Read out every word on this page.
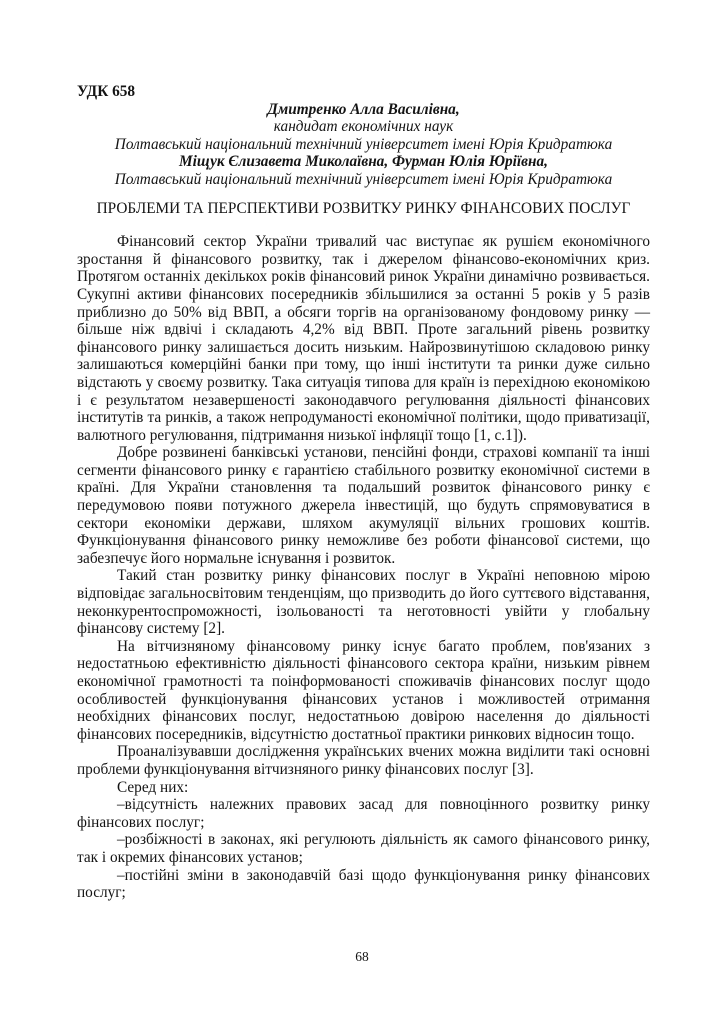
УДК 658
Дмитренко Алла Василівна,
кандидат економічних наук
Полтавський національний технічний університет імені Юрія Кридратюка
Міщук Єлизавета Миколаївна, Фурман Юлія Юріївна,
Полтавський національний технічний університет імені Юрія Кридратюка
ПРОБЛЕМИ ТА ПЕРСПЕКТИВИ РОЗВИТКУ РИНКУ ФІНАНСОВИХ ПОСЛУГ

Фінансовий сектор України тривалий час виступає як рушієм економічного зростання й фінансового розвитку, так і джерелом фінансово-економічних криз. Протягом останніх декількох років фінансовий ринок України динамічно розвивається. Сукупні активи фінансових посередників збільшилися за останні 5 років у 5 разів приблизно до 50% від ВВП, а обсяги торгів на організованому фондовому ринку — більше ніж вдвічі і складають 4,2% від ВВП. Проте загальний рівень розвитку фінансового ринку залишається досить низьким. Найрозвинутішою складовою ринку залишаються комерційні банки при тому, що інші інститути та ринки дуже сильно відстають у своєму розвитку. Така ситуація типова для країн із перехідною економікою і є результатом незавершеності законодавчого регулювання діяльності фінансових інститутів та ринків, а також непродуманості економічної політики, щодо приватизації, валютного регулювання, підтримання низької інфляції тощо [1, с.1]).

Добре розвинені банківські установи, пенсійні фонди, страхові компанії та інші сегменти фінансового ринку є гарантією стабільного розвитку економічної системи в країні. Для України становлення та подальший розвиток фінансового ринку є передумовою появи потужного джерела інвестицій, що будуть спрямовуватися в сектори економіки держави, шляхом акумуляції вільних грошових коштів. Функціонування фінансового ринку неможливе без роботи фінансової системи, що забезпечує його нормальне існування і розвиток.

Такий стан розвитку ринку фінансових послуг в Україні неповною мірою відповідає загальносвітовим тенденціям, що призводить до його суттєвого відставання, неконкурентоспроможності, ізольованості та неготовності увійти у глобальну фінансову систему [2].

На вітчизняному фінансовому ринку існує багато проблем, пов'язаних з недостатньою ефективністю діяльності фінансового сектора країни, низьким рівнем економічної грамотності та поінформованості споживачів фінансових послуг щодо особливостей функціонування фінансових установ і можливостей отримання необхідних фінансових послуг, недостатньою довірою населення до діяльності фінансових посередників, відсутністю достатньої практики ринкових відносин тощо.

Проаналізувавши дослідження українських вчених можна виділити такі основні проблеми функціонування вітчизняного ринку фінансових послуг [3].

Серед них:

–відсутність належних правових засад для повноцінного розвитку ринку фінансових послуг;

–розбіжності в законах, які регулюють діяльність як самого фінансового ринку, так і окремих фінансових установ;

–постійні зміни в законодавчій базі щодо функціонування ринку фінансових послуг;

68
